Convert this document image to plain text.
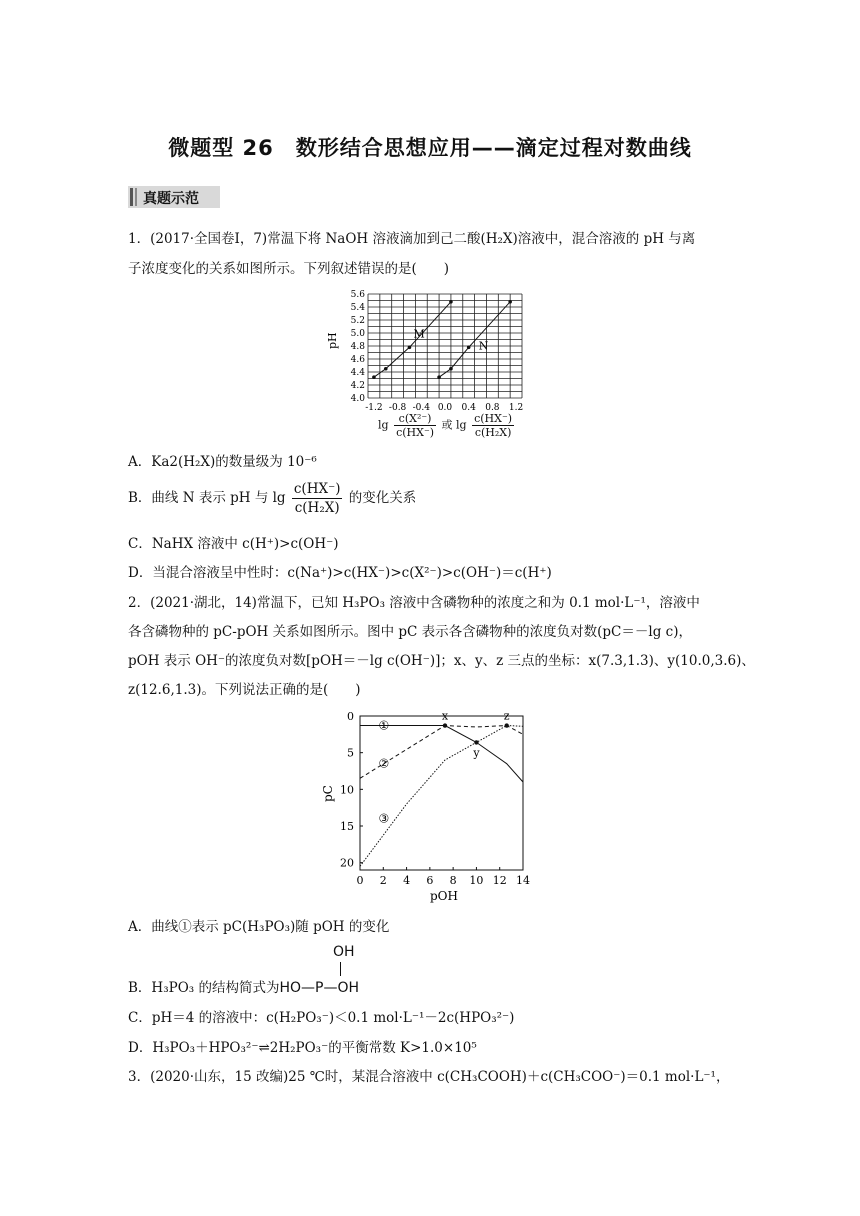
微题型 26　数形结合思想应用——滴定过程对数曲线
真题示范
1．(2017·全国卷Ⅰ，7)常温下将 NaOH 溶液滴加到己二酸(H₂X)溶液中，混合溶液的 pH 与离
子浓度变化的关系如图所示。下列叙述错误的是(　　)
-1.2 -0.8 -0.4 0.0 0.4 0.8 1.2
4.0
4.2
4.4
4.6
4.8
5.0
5.2
5.4
5.6
M
N
pH
$\lg \frac{\text{c(X²⁻)}}{c(HX^-)}$ 或 $\lg \frac{c(HX^-)}{\text{c(H₂X)}}$
A．Ka2(H₂X)的数量级为 10⁻⁶
B．曲线 N 表示 pH 与 $\lg \frac{c(HX^-)}{\text{c(H₂X)}}$ 的变化关系
C．NaHX 溶液中 c(H⁺)>c(OH⁻)
D．当混合溶液呈中性时：c(Na⁺)>c(HX⁻)>c(X²⁻)>c(OH⁻)＝c(H⁺)
2．(2021·湖北，14)常温下，已知 H₃PO₃ 溶液中含磷物种的浓度之和为 0.1 mol·L⁻¹，溶液中
各含磷物种的 pC-pOH 关系如图所示。图中 pC 表示各含磷物种的浓度负对数(pC＝－lg c)，
pOH 表示 OH⁻的浓度负对数[pOH＝－lg c(OH⁻)]；x、y、z 三点的坐标：x(7.3,1.3)、y(10.0,3.6)、
z(12.6,1.3)。下列说法正确的是(　　)
0 2 4 6 8 10 12 14
0
5
10
15
20
①
②
③
x
y
z
pC
pOH
A．曲线①表示 pC(H₃PO₃)随 pOH 的变化
OH
B．H₃PO₃ 的结构简式为HO—P—OH
C．pH＝4 的溶液中：c(H₂PO₃⁻)＜0.1 mol·L⁻¹－2c(HPO₃²⁻)
D．H₃PO₃＋HPO₃²⁻⇌2H₂PO₃⁻的平衡常数 K>1.0×10⁵
3．(2020·山东，15 改编)25 ℃时，某混合溶液中 c(CH₃COOH)＋c(CH₃COO⁻)＝0.1 mol·L⁻¹，
